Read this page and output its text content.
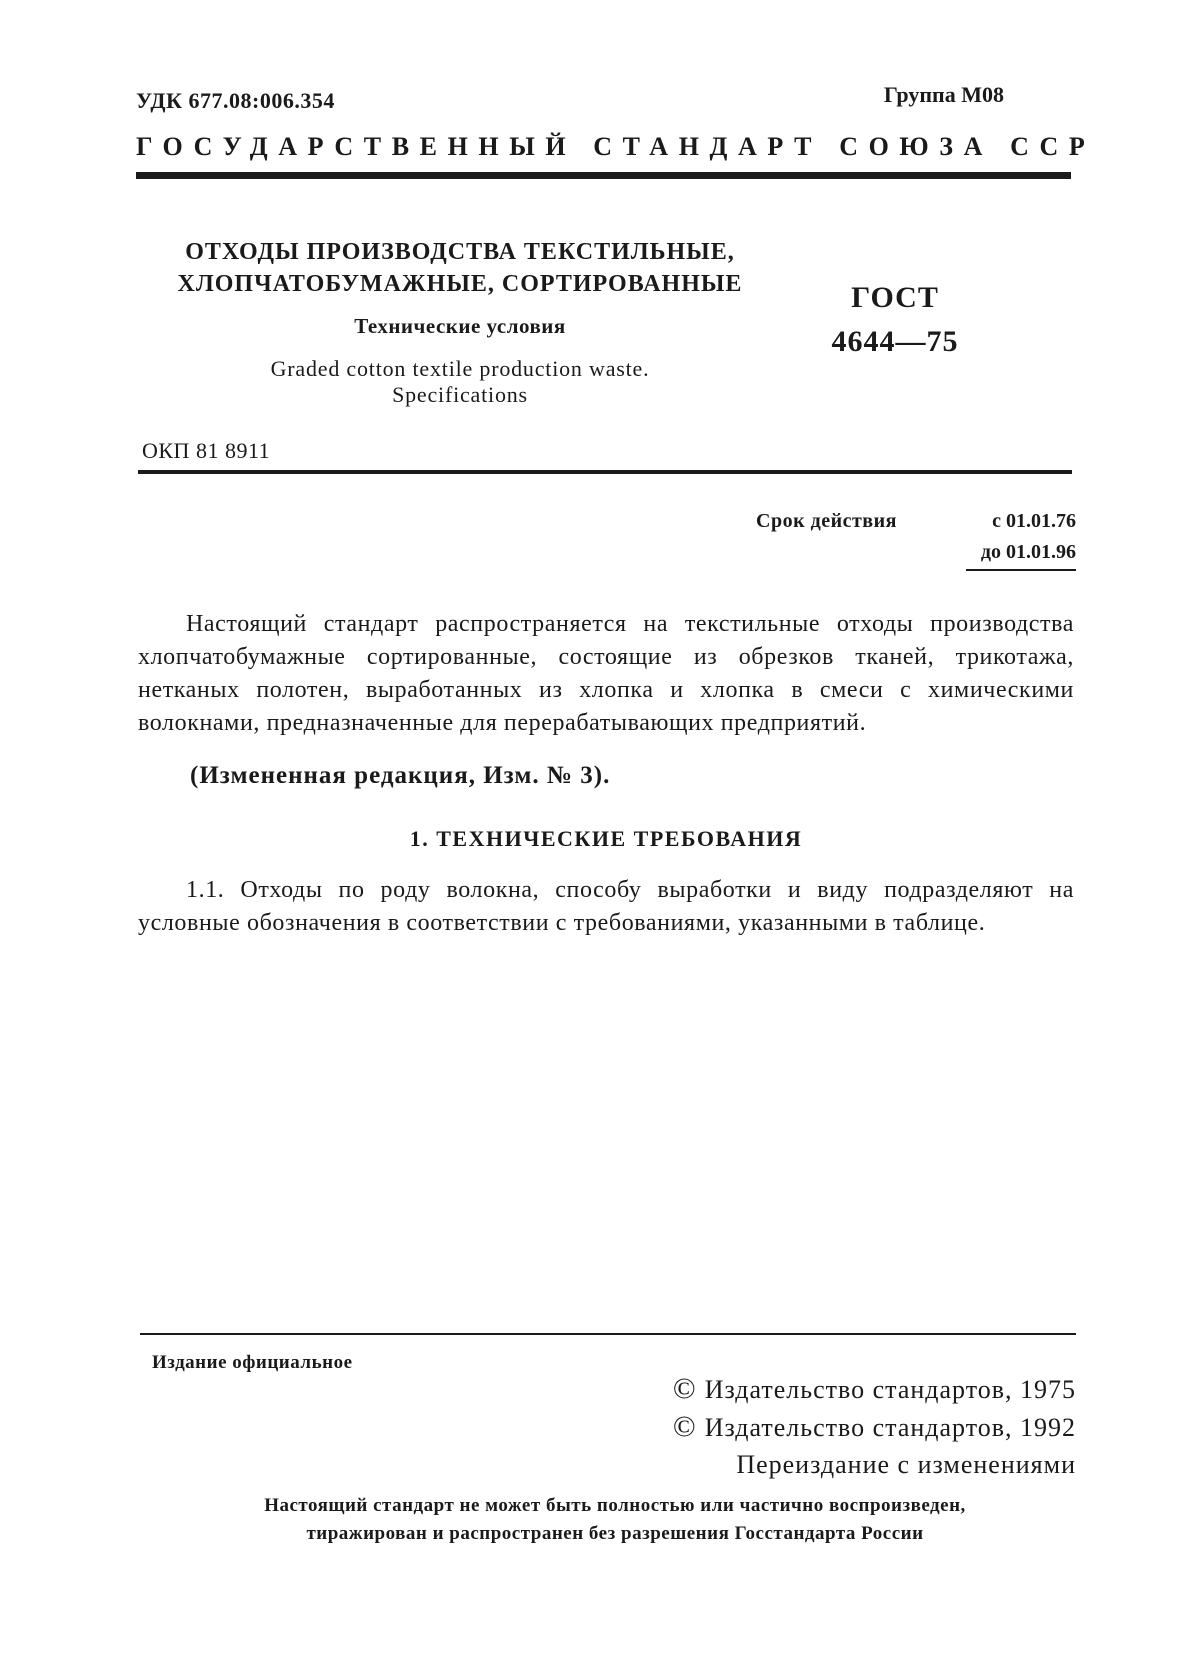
УДК 677.08:006.354	Группа М08
ГОСУДАРСТВЕННЫЙ СТАНДАРТ СОЮЗА ССР
ОТХОДЫ ПРОИЗВОДСТВА ТЕКСТИЛЬНЫЕ,
ХЛОПЧАТОБУМАЖНЫЕ, СОРТИРОВАННЫЕ
Технические условия
Graded cotton textile production waste.
Specifications
ГОСТ
4644—75
ОКП 81 8911
Срок действия	с 01.01.76
до 01.01.96

Настоящий стандарт распространяется на текстильные отходы производства хлопчатобумажные сортированные, состоящие из обрезков тканей, трикотажа, нетканых полотен, выработанных из хлопка и хлопка в смеси с химическими волокнами, предназначенные для перерабатывающих предприятий.

(Измененная редакция, Изм. № 3).
1. ТЕХНИЧЕСКИЕ ТРЕБОВАНИЯ

1.1. Отходы по роду волокна, способу выработки и виду подразделяют на условные обозначения в соответствии с требованиями, указанными в таблице.

Издание официальное
© Издательство стандартов, 1975
© Издательство стандартов, 1992
Переиздание с изменениями
Настоящий стандарт не может быть полностью или частично воспроизведен,
тиражирован и распространен без разрешения Госстандарта России
